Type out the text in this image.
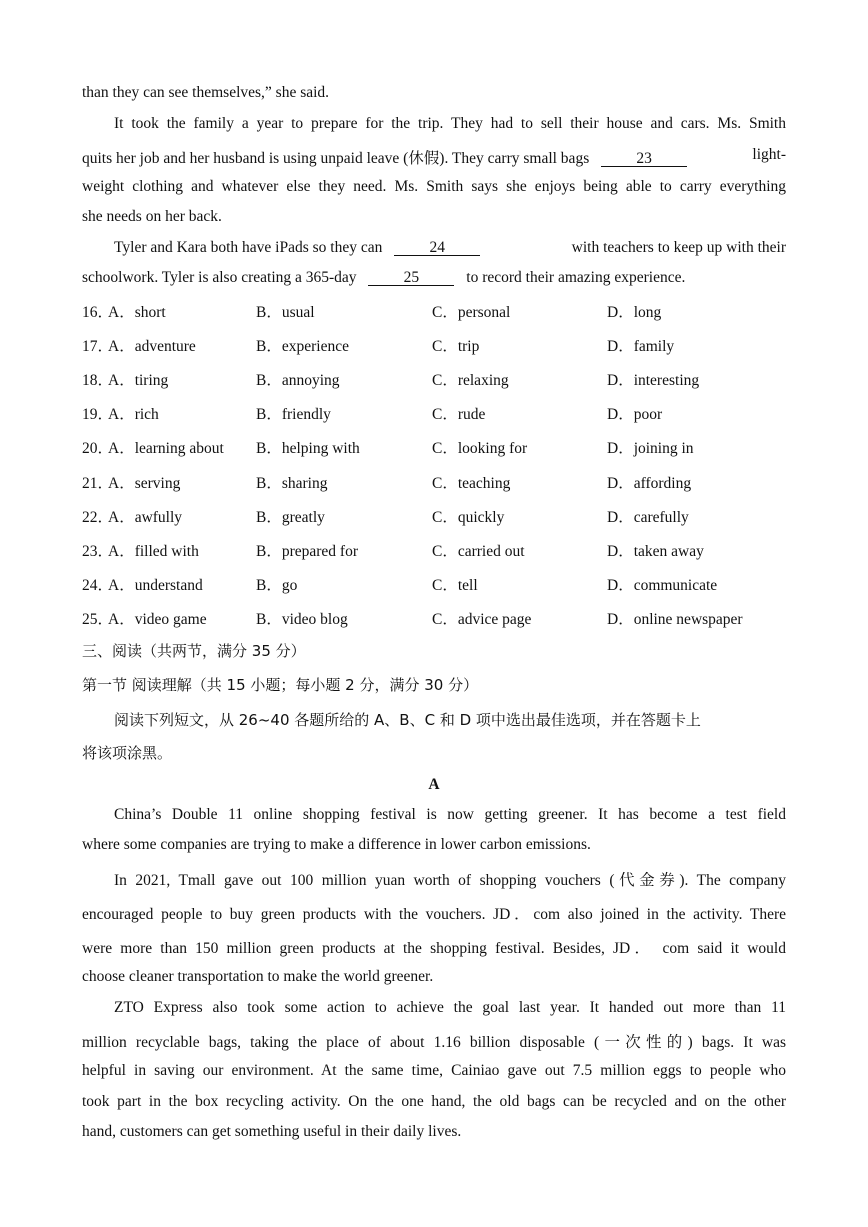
than they can see themselves,” she said.

It took the family a year to prepare for the trip. They had to sell their house and cars. Ms. Smith

quits her job and her husband is using unpaid leave (休假). They carry small bags	23	light-

weight clothing and whatever else they need. Ms. Smith says she enjoys being able to carry everything

she needs on her back.

Tyler and Kara both have iPads so they can	24	with teachers to keep up with their

schoolwork. Tyler is also creating a 365-day	25	to record their amazing experience.

16．
A．short	B．usual	C．personal	D．long
17．
A．adventure	B．experience	C．trip	D．family
18．
A．tiring	B．annoying	C．relaxing	D．interesting
19．
A．rich	B．friendly	C．rude	D．poor
20．
A．learning about B．helping with	C．looking for	D．joining in
21．
A．serving	B．sharing	C．teaching	D．affording
22．
A．awfully	B．greatly	C．quickly	D．carefully
23．
A．filled with	B．prepared for	C．carried out	D．taken away
24．
A．understand	B．go	C．tell	D．communicate
25．
A．video game	B．video blog	C．advice page	D．online newspaper

三、阅读（共两节，满分 35 分）

第一节 阅读理解（共 15 小题；每小题 2 分，满分 30 分）

阅读下列短文，从 26~40 各题所给的 A、B、C 和 D 项中选出最佳选项，并在答题卡上

将该项涂黑。

A

China’s Double 11 online shopping festival is now getting greener. It has become a test field

where some companies are trying to make a difference in lower carbon emissions.

In 2021, Tmall gave out 100 million yuan worth of shopping vouchers (代金券). The company

encouraged people to buy green products with the vouchers. JD．com also joined in the activity. There

were more than 150 million green products at the shopping festival. Besides, JD． com said it would

choose cleaner transportation to make the world greener.

ZTO Express also took some action to achieve the goal last year. It handed out more than 11

million recyclable bags, taking the place of about 1.16 billion disposable (一次性的) bags. It was

helpful in saving our environment. At the same time, Cainiao gave out 7.5 million eggs to people who

took part in the box recycling activity. On the one hand, the old bags can be recycled and on the other

hand, customers can get something useful in their daily lives.
